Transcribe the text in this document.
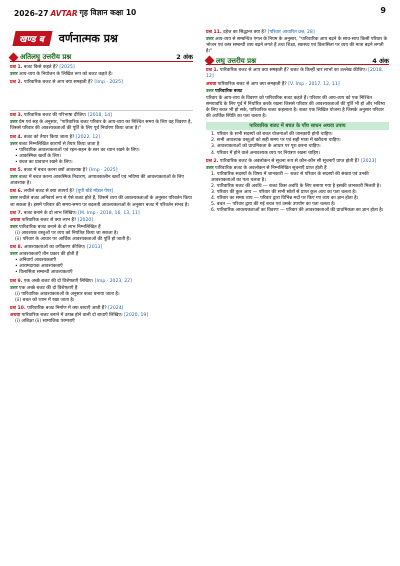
2026-27 AVTAR गृह विज्ञान
कक्षा 10	9
खण्ड ब	वर्णनात्मक प्रश्न
अतिलघु उत्तरीय प्रश्न	2 अंक
प्रश्न 1. बजट किसे कहते हैं? [2025]
उत्तर आय-व्यय के नियोजन के लिखित रूप को बजट कहते हैं।
प्रश्न 2. पारिवारिक बजट से आप क्या समझती हैं? [Imp · 2025]
प्रश्न 3. पारिवारिक बजट की परिभाषा दीजिए। [2018, 14]
उत्तर प्रेम एवं सह के अनुसार, "पारिवारिक बजट परिवार के आय-व्यय का निश्चित समय के लिए वह विवरण है, जिससे परिवार की आवश्यकताओं की पूर्ति के लिए पूर्व निर्धारण किया जाता है।"
प्रश्न 4. बजट को तैयार किया जाता है? [2022, 12]
उत्तर बजट निम्नलिखित कारणों से तैयार किया जाता है
• पारिवारिक आवश्यकताओं एवं रहन-सहन के स्तर का ध्यान रखने के लिए।
• आकस्मिक खर्चों के लिए।
• बचत का प्रावधान रखने के लिए।
प्रश्न 5. बजट में बचत करना क्यों आवश्यक है? [Imp · 2025]
उत्तर बजट में बचत करना आकस्मिक निवारण, आपातकालीन खर्चों एवं भविष्य की आवश्यकताओं के लिए आवश्यक है।
प्रश्न 6. लचीले बजट से क्या तात्पर्य है? [यूपी बोर्ड मॉडल पेपर]
उत्तर लचीले बजट अनिवार्य रूप से ऐसे बजट होते हैं, जिसमें व्यय की आवश्यकताओं के अनुसार परिवर्तन किया जा सकता है। इसमें परिवार की समय-समय पर बदलती आवश्यकताओं के अनुसार बजट में परिवर्तन संभव है।
प्रश्न 7. बजट बनाने के दो लाभ लिखिए। [M. Imp · 2018, 16, 13, 11]
अथवा पारिवारिक बजट से क्या लाभ हैं? [2020]
उत्तर पारिवारिक बजट बनाने के दो लाभ निम्नलिखित हैं
(i) आवश्यक वस्तुओं पर व्यय को नियंत्रित किया जा सकता है।
(ii) परिवार के आधार पर आर्थिक आवश्यकताओं की पूर्ति हो जाती है।
प्रश्न 8. आवश्यकताओं का वर्गीकरण कीजिए। [2013]
उत्तर आवश्यकताएँ तीन प्रकार की होती हैं
• अनिवार्य आवश्यकताएँ
• आरामदायक आवश्यकताएँ
• विलासिता सम्बन्धी आवश्यकताएँ
प्रश्न 9. एक अच्छे बजट की दो विशेषताएँ लिखिए। [Imp · 2023, 22]
उत्तर एक अच्छे बजट की दो विशेषताएँ हैं
(i) पारिवारिक आवश्यकताओं के अनुसार बजट बनाया जाता है।
(ii) बचत को ध्यान में रखा जाता है।
प्रश्न 10. पारिवारिक बजट निर्माण में क्या बाधाएँ आती हैं? [2024]
अथवा पारिवारिक बजट बनाने में उत्पन्न होने वाली दो बाधाएँ लिखिए। [2020, 19]
(i) अशिक्षा (ii) सामाजिक परम्पराएँ
प्रश्न 11. दहेज का सिद्धान्त क्या है? [परिवार आधारित प्रश्न, 28]
उत्तर आय-व्यय से सम्बन्धित एंगल के नियम के अनुसार, "पारिवारिक आय बढ़ने के साथ-साथ किसी परिवार के भोजन एवं वस्त्र सम्बन्धी व्यय बढ़ने लगते हैं तथा शिक्षा, स्वास्थ्य एवं विलासिता पर व्यय की मात्रा बढ़ने लगती है।"
लघु उत्तरीय प्रश्न	4 अंक
प्रश्न 1. पारिवारिक बजट से आप क्या समझती हैं? बजट के किन्हीं चार लाभों का उल्लेख कीजिए। [2018, 12]
अथवा पारिवारिक बजट से आप क्या समझती हैं? [V. Imp · 2017, 12, 11]
उत्तर पारिवारिक बजट
परिवार के आय-व्यय के विवरण को पारिवारिक बजट कहते हैं। परिवार की आय-व्यय को एक निश्चित समयावधि के लिए पूर्व में निर्धारित करके रखना जिससे परिवार की आवश्यकताओं की पूर्ति भी हो और भविष्य के लिए बचत भी हो सके, पारिवारिक बजट कहलाता है। बजट एक लिखित योजना है जिसके अनुसार परिवार की आर्थिक स्थिति का पता चलता है।
पारिवारिक बजट में बचत के पाँच साधन अथवा उपाय
1. परिवार के सभी सदस्यों को बचत योजनाओं की जानकारी होनी चाहिए।
2. सभी आवश्यक वस्तुओं को सही समय पर एवं सही मात्रा में खरीदना चाहिए।
3. आवश्यकताओं को प्राथमिकता के आधार पर पूरा करना चाहिए।
4. परिवार में होने वाले अनावश्यक व्यय पर नियंत्रण रखना चाहिए।
प्रश्न 2. पारिवारिक बजट के अवलोकन से सूचना रूप से कौन-कौन सी सूचनाएँ प्राप्त होती हैं? [2023]
उत्तर पारिवारिक बजट के अवलोकन से निम्नलिखित सूचनाएँ प्राप्त होती हैं
1. पारिवारिक सदस्यों के विषय में जानकारी — बजट से परिवार के सदस्यों की संख्या एवं उनकी आवश्यकताओं का पता चलता है।
2. पारिवारिक बजट की अवधि — बजट किस अवधि के लिए बनाया गया है इसकी जानकारी मिलती है।
3. परिवार की कुल आय — परिवार की सभी स्रोतों से प्राप्त कुल आय का पता चलता है।
4. परिवार का समग्र व्यय — परिवार द्वारा विभिन्न मदों पर किए गए व्यय का ज्ञान होता है।
5. बचत — परिवार द्वारा की गई बचत एवं उसके उपयोग का पता चलता है।
6. पारिवारिक आवश्यकताओं का विवरण — परिवार की आवश्यकताओं की प्राथमिकता का ज्ञान होता है।
